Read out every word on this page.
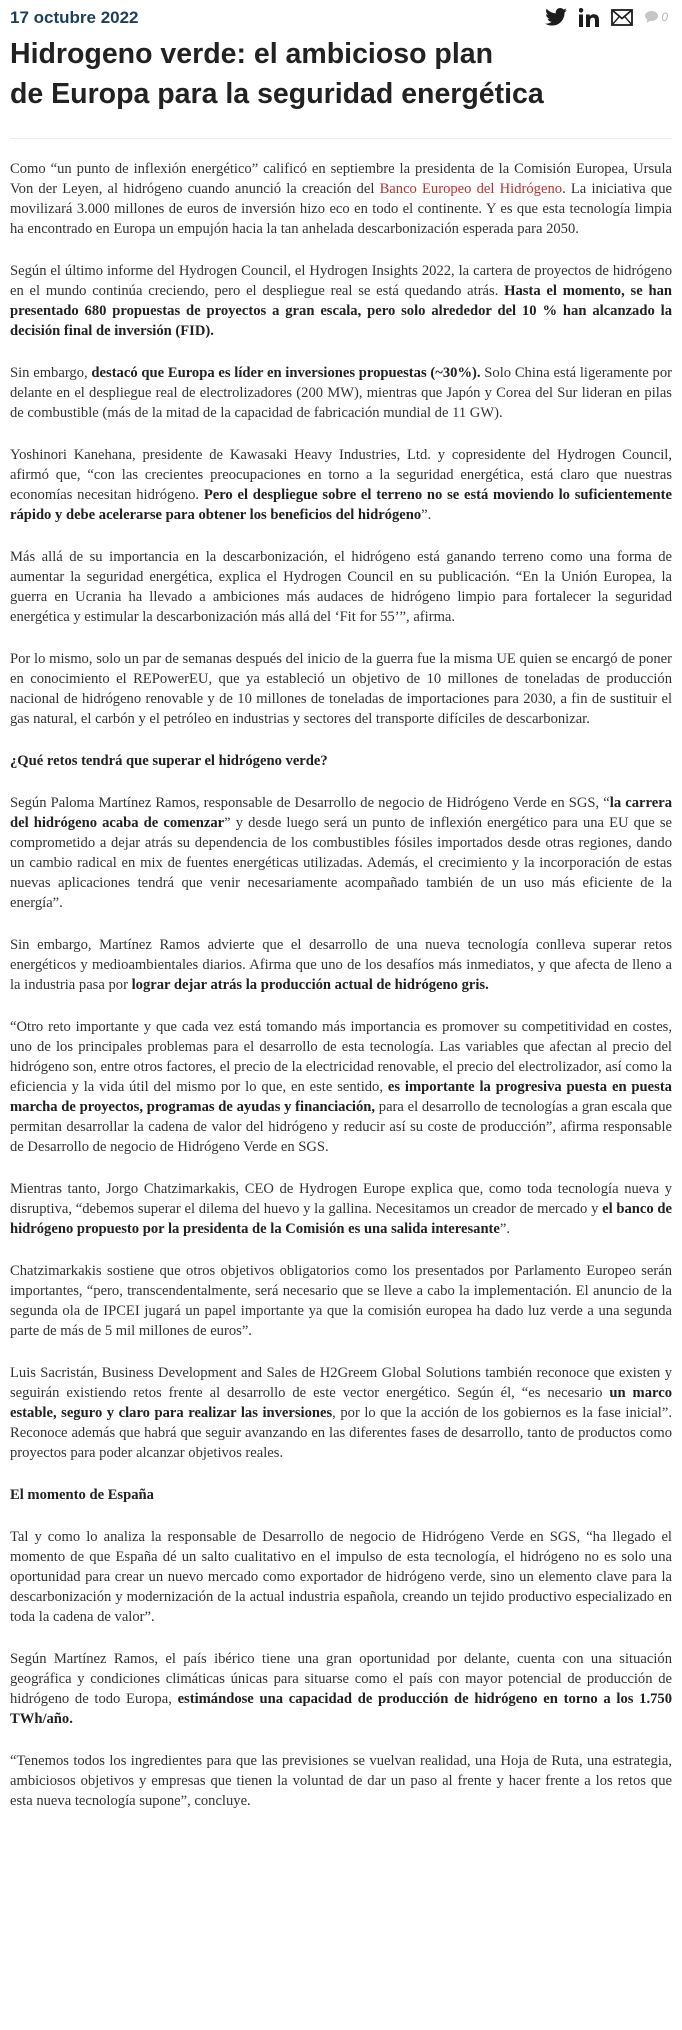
17 octubre 2022	0
Hidrogeno verde: el ambicioso plan
de Europa para la seguridad energética

Como “un punto de inflexión energético” calificó en septiembre la presidenta de la Comisión Europea, Ursula Von der Leyen, al hidrógeno cuando anunció la creación del Banco Europeo del Hidrógeno. La iniciativa que movilizará 3.000 millones de euros de inversión hizo eco en todo el continente. Y es que esta tecnología limpia ha encontrado en Europa un empujón hacia la tan anhelada descarbonización esperada para 2050.

Según el último informe del Hydrogen Council, el Hydrogen Insights 2022, la cartera de proyectos de hidrógeno en el mundo continúa creciendo, pero el despliegue real se está quedando atrás. Hasta el momento, se han presentado 680 propuestas de proyectos a gran escala, pero solo alrededor del 10 % han alcanzado la decisión final de inversión (FID).

Sin embargo, destacó que Europa es líder en inversiones propuestas (~30%). Solo China está ligeramente por delante en el despliegue real de electrolizadores (200 MW), mientras que Japón y Corea del Sur lideran en pilas de combustible (más de la mitad de la capacidad de fabricación mundial de 11 GW).

Yoshinori Kanehana, presidente de Kawasaki Heavy Industries, Ltd. y copresidente del Hydrogen Council, afirmó que, “con las crecientes preocupaciones en torno a la seguridad energética, está claro que nuestras economías necesitan hidrógeno. Pero el despliegue sobre el terreno no se está moviendo lo suficientemente rápido y debe acelerarse para obtener los beneficios del hidrógeno”.

Más allá de su importancia en la descarbonización, el hidrógeno está ganando terreno como una forma de aumentar la seguridad energética, explica el Hydrogen Council en su publicación. “En la Unión Europea, la guerra en Ucrania ha llevado a ambiciones más audaces de hidrógeno limpio para fortalecer la seguridad energética y estimular la descarbonización más allá del ‘Fit for 55’”, afirma.

Por lo mismo, solo un par de semanas después del inicio de la guerra fue la misma UE quien se encargó de poner en conocimiento el REPowerEU, que ya estableció un objetivo de 10 millones de toneladas de producción nacional de hidrógeno renovable y de 10 millones de toneladas de importaciones para 2030, a fin de sustituir el gas natural, el carbón y el petróleo en industrias y sectores del transporte difíciles de descarbonizar.

¿Qué retos tendrá que superar el hidrógeno verde?

Según Paloma Martínez Ramos, responsable de Desarrollo de negocio de Hidrógeno Verde en SGS, “la carrera del hidrógeno acaba de comenzar” y desde luego será un punto de inflexión energético para una EU que se comprometido a dejar atrás su dependencia de los combustibles fósiles importados desde otras regiones, dando un cambio radical en mix de fuentes energéticas utilizadas. Además, el crecimiento y la incorporación de estas nuevas aplicaciones tendrá que venir necesariamente acompañado también de un uso más eficiente de la energía”.

Sin embargo, Martínez Ramos advierte que el desarrollo de una nueva tecnología conlleva superar retos energéticos y medioambientales diarios. Afirma que uno de los desafíos más inmediatos, y que afecta de lleno a la industria pasa por lograr dejar atrás la producción actual de hidrógeno gris.

“Otro reto importante y que cada vez está tomando más importancia es promover su competitividad en costes, uno de los principales problemas para el desarrollo de esta tecnología. Las variables que afectan al precio del hidrógeno son, entre otros factores, el precio de la electricidad renovable, el precio del electrolizador, así como la eficiencia y la vida útil del mismo por lo que, en este sentido, es importante la progresiva puesta en puesta marcha de proyectos, programas de ayudas y financiación, para el desarrollo de tecnologías a gran escala que permitan desarrollar la cadena de valor del hidrógeno y reducir así su coste de producción”, afirma responsable de Desarrollo de negocio de Hidrógeno Verde en SGS.

Mientras tanto, Jorgo Chatzimarkakis, CEO de Hydrogen Europe explica que, como toda tecnología nueva y disruptiva, “debemos superar el dilema del huevo y la gallina. Necesitamos un creador de mercado y el banco de hidrógeno propuesto por la presidenta de la Comisión es una salida interesante”.

Chatzimarkakis sostiene que otros objetivos obligatorios como los presentados por Parlamento Europeo serán importantes, “pero, transcendentalmente, será necesario que se lleve a cabo la implementación. El anuncio de la segunda ola de IPCEI jugará un papel importante ya que la comisión europea ha dado luz verde a una segunda parte de más de 5 mil millones de euros”.

Luis Sacristán, Business Development and Sales de H2Greem Global Solutions también reconoce que existen y seguirán existiendo retos frente al desarrollo de este vector energético. Según él, “es necesario un marco estable, seguro y claro para realizar las inversiones, por lo que la acción de los gobiernos es la fase inicial”. Reconoce además que habrá que seguir avanzando en las diferentes fases de desarrollo, tanto de productos como proyectos para poder alcanzar objetivos reales.

El momento de España

Tal y como lo analiza la responsable de Desarrollo de negocio de Hidrógeno Verde en SGS, “ha llegado el momento de que España dé un salto cualitativo en el impulso de esta tecnología, el hidrógeno no es solo una oportunidad para crear un nuevo mercado como exportador de hidrógeno verde, sino un elemento clave para la descarbonización y modernización de la actual industria española, creando un tejido productivo especializado en toda la cadena de valor”.

Según Martínez Ramos, el país ibérico tiene una gran oportunidad por delante, cuenta con una situación geográfica y condiciones climáticas únicas para situarse como el país con mayor potencial de producción de hidrógeno de todo Europa, estimándose una capacidad de producción de hidrógeno en torno a los 1.750 TWh/año.

“Tenemos todos los ingredientes para que las previsiones se vuelvan realidad, una Hoja de Ruta, una estrategia, ambiciosos objetivos y empresas que tienen la voluntad de dar un paso al frente y hacer frente a los retos que esta nueva tecnología supone”, concluye.
